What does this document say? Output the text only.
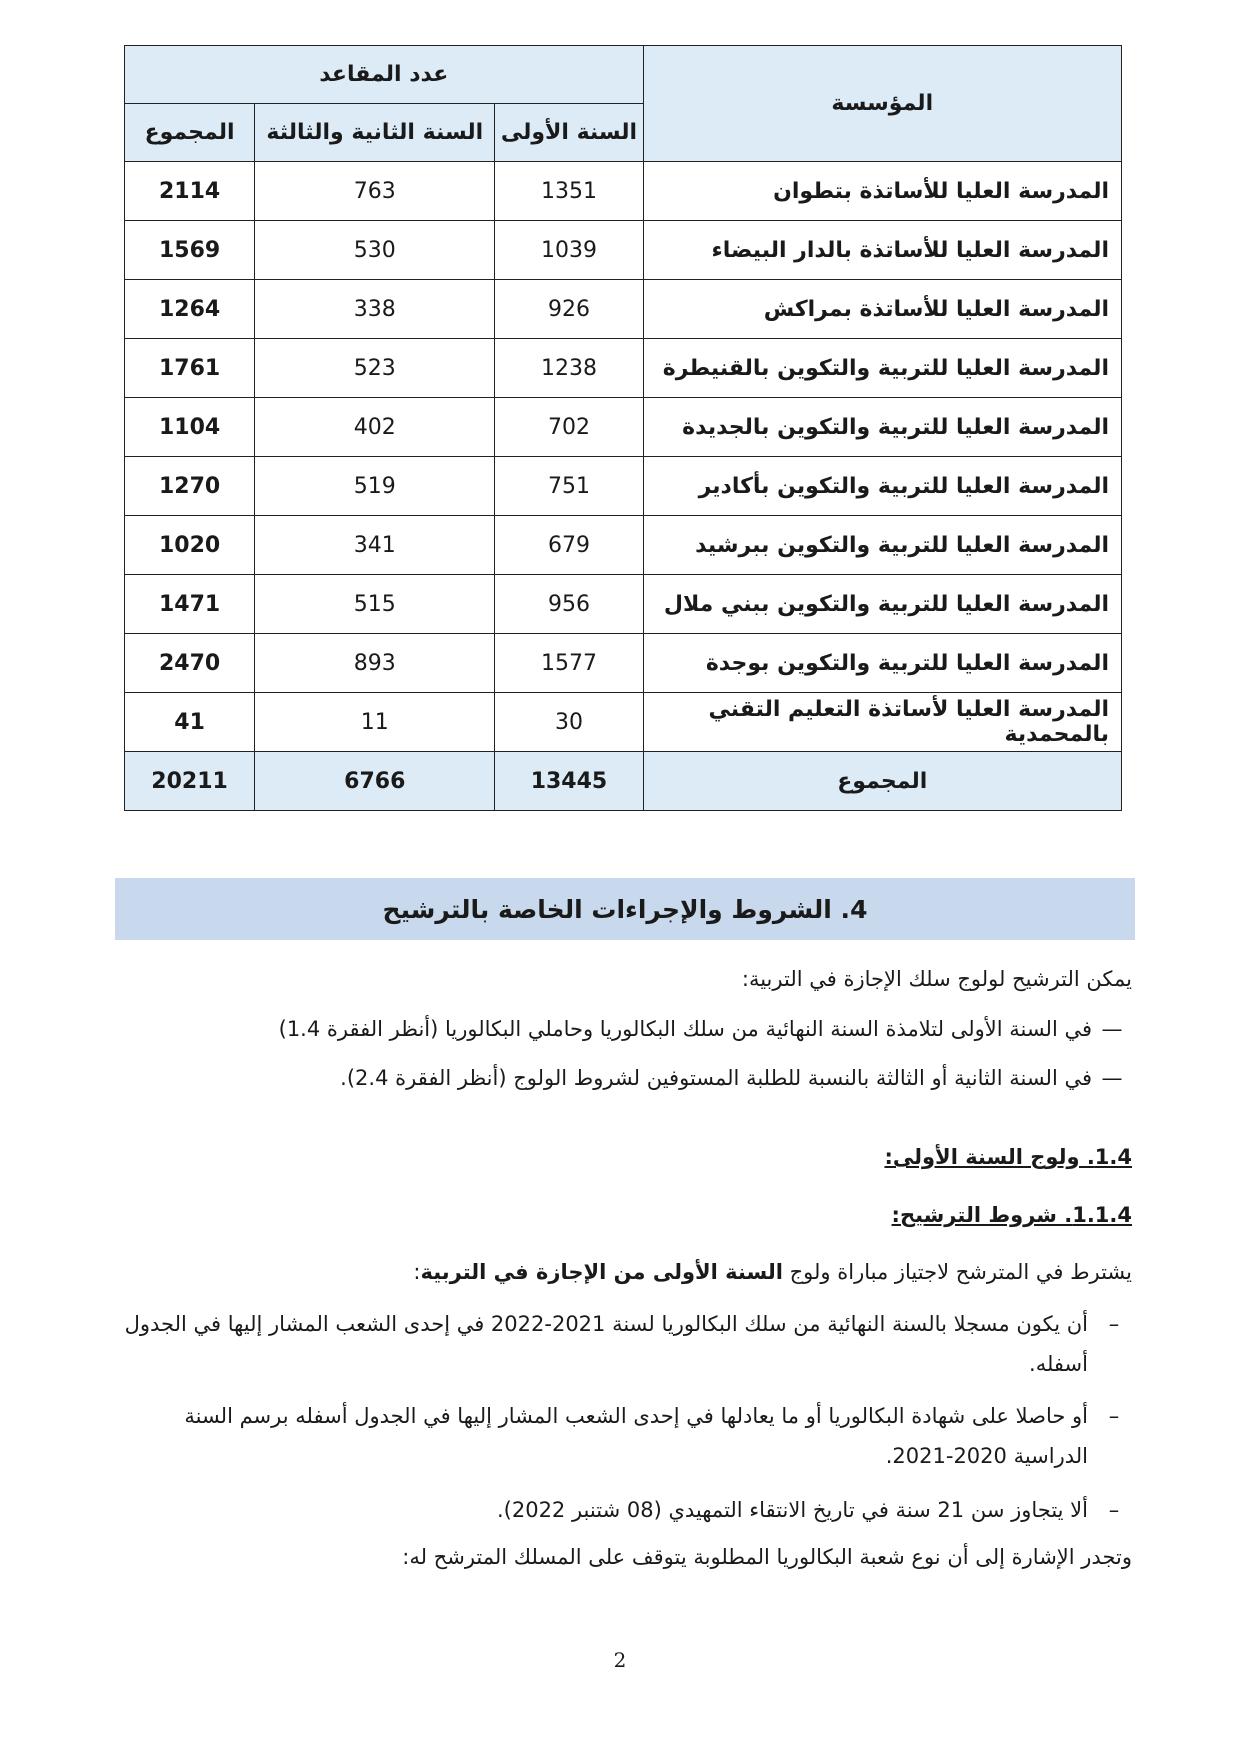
المؤسسة	عدد المقاعد		
	السنة الأولى	السنة الثانية والثالثة	المجموع
المدرسة العليا للأساتذة بتطوان	1351	763	2114
المدرسة العليا للأساتذة بالدار البيضاء	1039	530	1569
المدرسة العليا للأساتذة بمراكش	926	338	1264
المدرسة العليا للتربية والتكوين بالقنيطرة	1238	523	1761
المدرسة العليا للتربية والتكوين بالجديدة	702	402	1104
المدرسة العليا للتربية والتكوين بأكادير	751	519	1270
المدرسة العليا للتربية والتكوين ببرشيد	679	341	1020
المدرسة العليا للتربية والتكوين ببني ملال	956	515	1471
المدرسة العليا للتربية والتكوين بوجدة	1577	893	2470
المدرسة العليا لأساتذة التعليم التقني بالمحمدية	30	11	41
المجموع	13445	6766	20211
4. الشروط والإجراءات الخاصة بالترشيح
يمكن الترشيح لولوج سلك الإجازة في التربية:
—
في السنة الأولى لتلامذة السنة النهائية من سلك البكالوريا وحاملي البكالوريا (أنظر الفقرة 1.4)
—
في السنة الثانية أو الثالثة بالنسبة للطلبة المستوفين لشروط الولوج (أنظر الفقرة 2.4).
1.4. ولوج السنة الأولى:
1.1.4. شروط الترشيح:
يشترط في المترشح لاجتياز مباراة ولوج السنة الأولى من الإجازة في التربية:
–
أن يكون مسجلا بالسنة النهائية من سلك البكالوريا لسنة 2021-2022 في إحدى الشعب المشار إليها في الجدول أسفله.
–
أو حاصلا على شهادة البكالوريا أو ما يعادلها في إحدى الشعب المشار إليها في الجدول أسفله برسم السنة الدراسية 2020-2021.
–
ألا يتجاوز سن 21 سنة في تاريخ الانتقاء التمهيدي (08 شتنبر 2022).
وتجدر الإشارة إلى أن نوع شعبة البكالوريا المطلوبة يتوقف على المسلك المترشح له:
2
